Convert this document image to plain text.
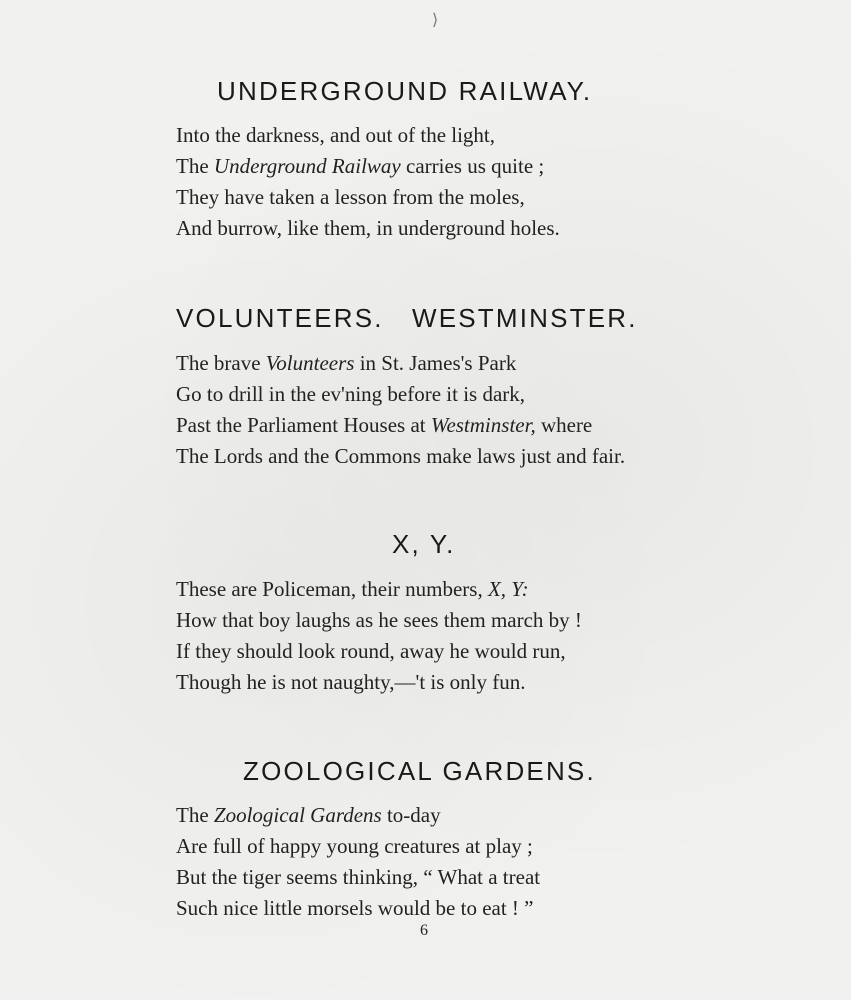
UNDERGROUND RAILWAY.
Into the darkness, and out of the light,
The Underground Railway carries us quite ;
They have taken a lesson from the moles,
And burrow, like them, in underground holes.
VOLUNTEERS.   WESTMINSTER.
The brave Volunteers in St. James's Park
Go to drill in the ev'ning before it is dark,
Past the Parliament Houses at Westminster, where
The Lords and the Commons make laws just and fair.
X, Y.
These are Policeman, their numbers, X, Y:
How that boy laughs as he sees them march by !
If they should look round, away he would run,
Though he is not naughty,—'t is only fun.
ZOOLOGICAL GARDENS.
The Zoological Gardens to-day
Are full of happy young creatures at play ;
But the tiger seems thinking, “ What a treat
Such nice little morsels would be to eat ! ”
6
⟩
